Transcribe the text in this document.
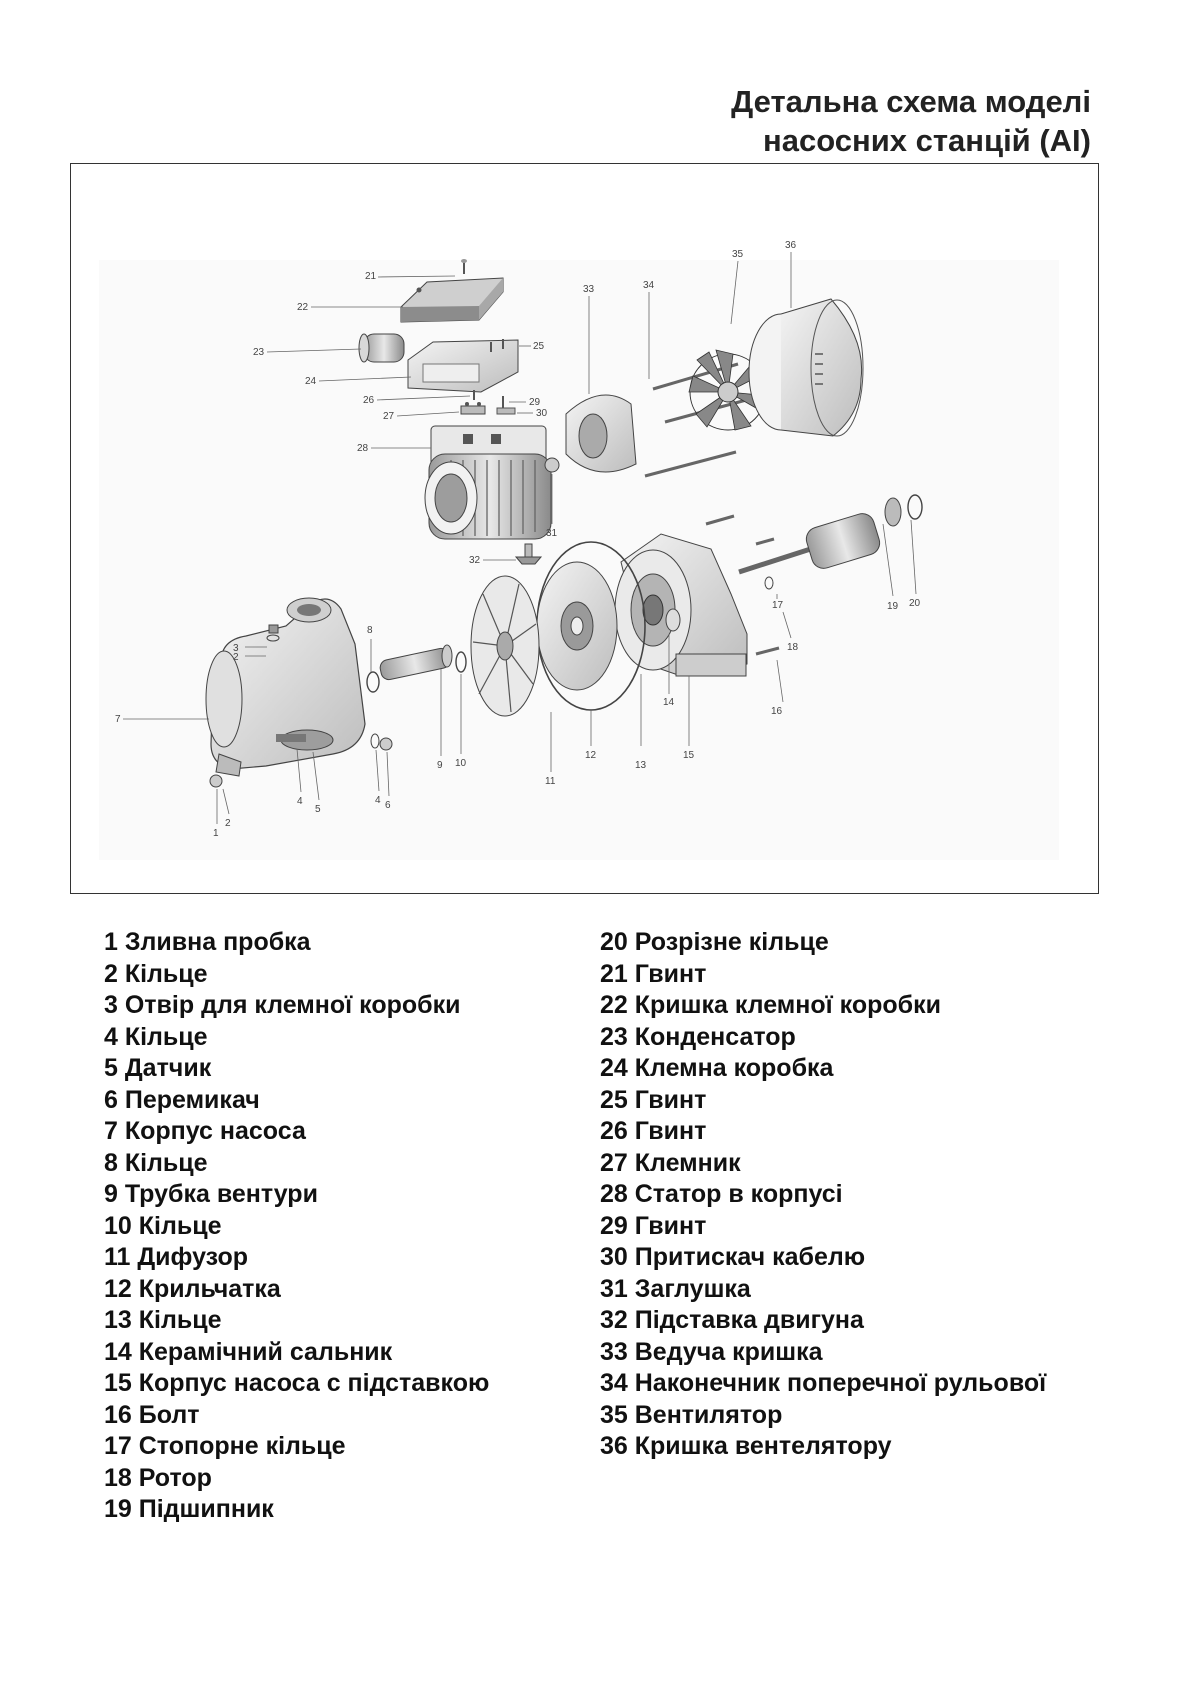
Детальна схема моделі
насосних станцій (AI)
21
22
23
24
25
26
27
29
30
28
31
32
33	34
35
36
19 20
17
18
16
14
15
13
12
11
10
9
8
7
3
2
1
2
4
5
4 6
1 Зливна пробка
2 Кільце
3 Отвір для клемної коробки
4 Кільце
5 Датчик
6 Перемикач
7 Корпус насоса
8 Кільце
9 Трубка вентури
10 Кільце
11 Дифузор
12 Крильчатка
13 Кільце
14 Керамічний сальник
15 Корпус насоса с підставкою
16 Болт
17 Стопорне кільце
18 Ротор
19 Підшипник
20 Розрізне кільце
21 Гвинт
22 Кришка клемної коробки
23 Конденсатор
24 Клемна коробка
25 Гвинт
26 Гвинт
27 Клемник
28 Статор в корпусі
29 Гвинт
30 Притискач кабелю
31 Заглушка
32 Підставка двигуна
33 Ведуча кришка
34 Наконечник поперечної рульової
35 Вентилятор
36 Кришка вентелятору
